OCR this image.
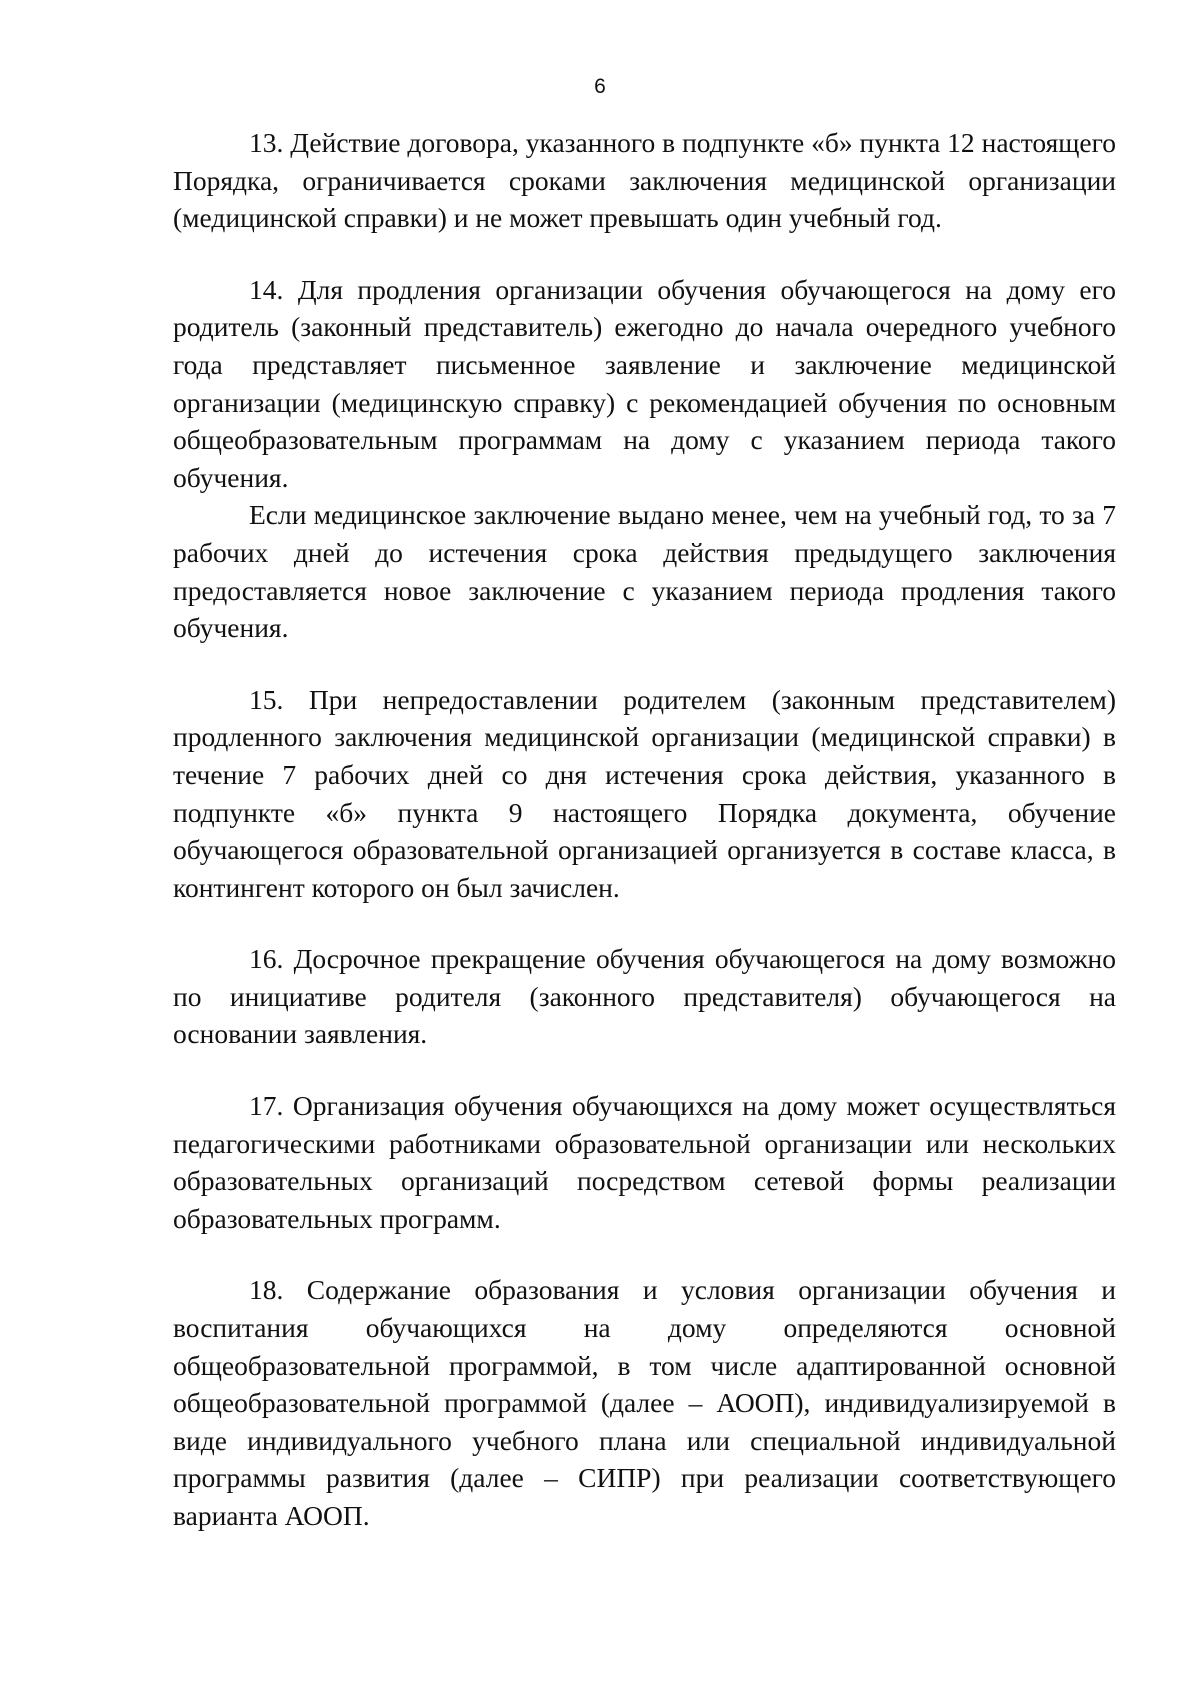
6

13. Действие договора, указанного в подпункте «б» пункта 12 настоящего Порядка, ограничивается сроками заключения медицинской организации (медицинской справки) и не может превышать один учебный год.

14. Для продления организации обучения обучающегося на дому его родитель (законный представитель) ежегодно до начала очередного учебного года представляет письменное заявление и заключение медицинской организации (медицинскую справку) с рекомендацией обучения по основным общеобразовательным программам на дому с указанием периода такого обучения.

Если медицинское заключение выдано менее, чем на учебный год, то за 7 рабочих дней до истечения срока действия предыдущего заключения предоставляется новое заключение с указанием периода продления такого обучения.

15. При непредоставлении родителем (законным представителем) продленного заключения медицинской организации (медицинской справки) в течение 7 рабочих дней со дня истечения срока действия, указанного в подпункте «б» пункта 9 настоящего Порядка документа, обучение обучающегося образовательной организацией организуется в составе класса, в контингент которого он был зачислен.

16. Досрочное прекращение обучения обучающегося на дому возможно по инициативе родителя (законного представителя) обучающегося на основании заявления.

17. Организация обучения обучающихся на дому может осуществляться педагогическими работниками образовательной организации или нескольких образовательных организаций посредством сетевой формы реализации образовательных программ.

18. Содержание образования и условия организации обучения и воспитания обучающихся на дому определяются основной общеобразовательной программой, в том числе адаптированной основной общеобразовательной программой (далее – АООП), индивидуализируемой в виде индивидуального учебного плана или специальной индивидуальной программы развития (далее – СИПР) при реализации соответствующего варианта АООП.
